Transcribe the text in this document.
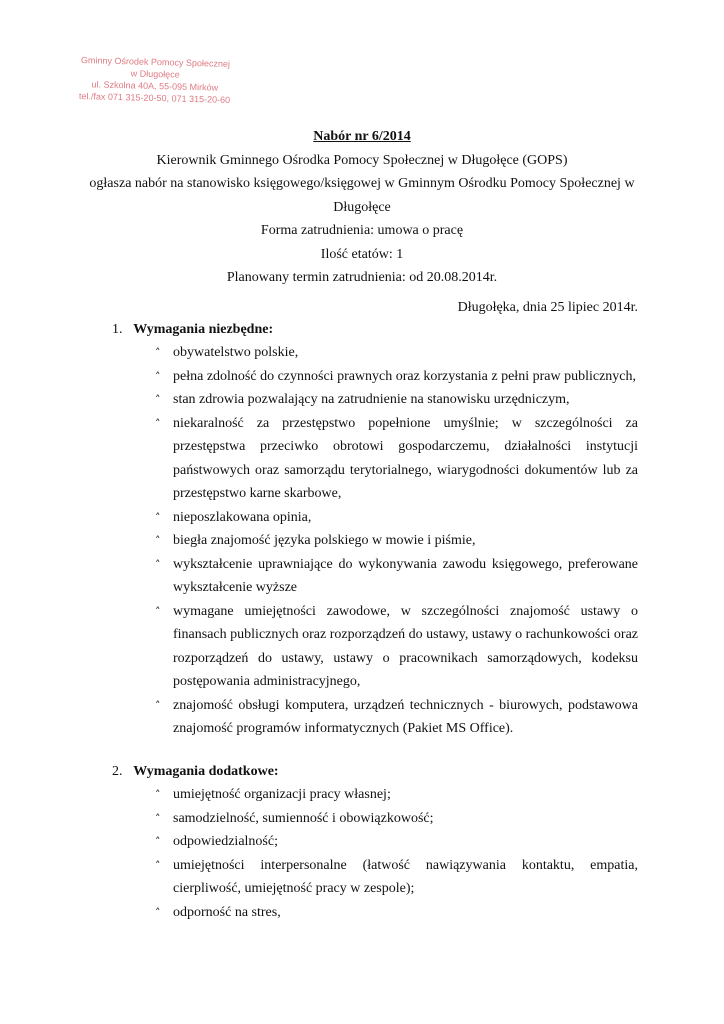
Gminny Ośrodek Pomocy Społecznej
w Długołęce
ul. Szkolna 40A, 55-095 Mirków
tel./fax 071 315-20-50, 071 315-20-60
Nabór nr 6/2014
Kierownik Gminnego Ośrodka Pomocy Społecznej w Długołęce (GOPS)
ogłasza nabór na stanowisko księgowego/księgowej w Gminnym Ośrodku Pomocy Społecznej w
Długołęce
Forma zatrudnienia: umowa o pracę
Ilość etatów: 1
Planowany termin zatrudnienia: od 20.08.2014r.
Długołęka, dnia 25 lipiec 2014r.
1. Wymagania niezbędne:
˄ obywatelstwo polskie,
˄ pełna zdolność do czynności prawnych oraz korzystania z pełni praw publicznych,
˄ stan zdrowia pozwalający na zatrudnienie na stanowisku urzędniczym,
˄ niekaralność za przestępstwo popełnione umyślnie; w szczególności za przestępstwa przeciwko obrotowi gospodarczemu, działalności instytucji państwowych oraz samorządu terytorialnego, wiarygodności dokumentów lub za przestępstwo karne skarbowe,
˄ nieposzlakowana opinia,
˄ biegła znajomość języka polskiego w mowie i piśmie,
˄ wykształcenie uprawniające do wykonywania zawodu księgowego, preferowane wykształcenie wyższe
˄ wymagane umiejętności zawodowe, w szczególności znajomość ustawy o finansach publicznych oraz rozporządzeń do ustawy, ustawy o rachunkowości oraz rozporządzeń do ustawy, ustawy o pracownikach samorządowych, kodeksu postępowania administracyjnego,
˄ znajomość obsługi komputera, urządzeń technicznych - biurowych, podstawowa znajomość programów informatycznych (Pakiet MS Office).
2. Wymagania dodatkowe:
˄ umiejętność organizacji pracy własnej;
˄ samodzielność, sumienność i obowiązkowość;
˄ odpowiedzialność;
˄ umiejętności interpersonalne (łatwość nawiązywania kontaktu, empatia, cierpliwość, umiejętność pracy w zespole);
˄ odporność na stres,
